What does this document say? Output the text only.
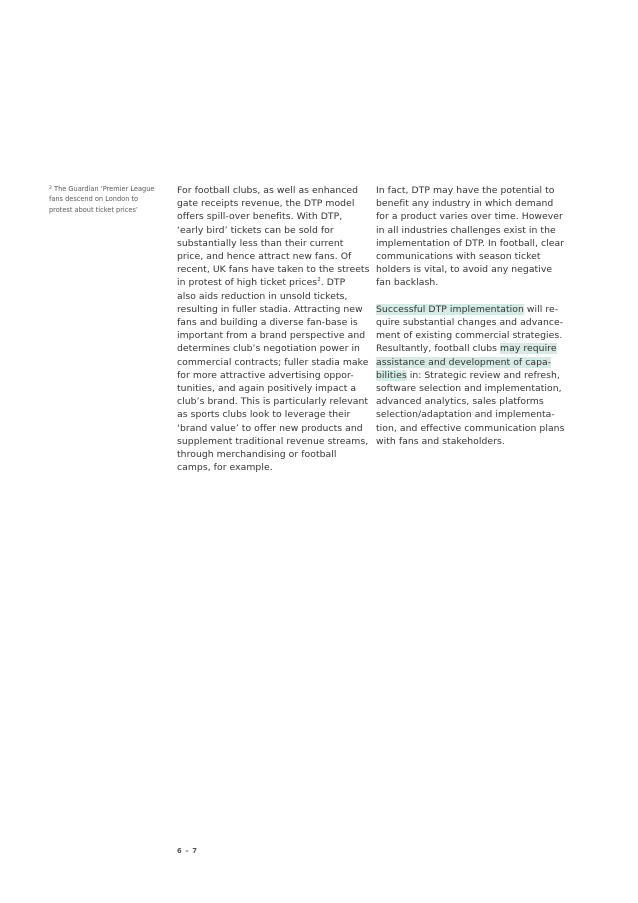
$^2$ The Guardian ‘Premier League
fans descend on London to
protest about ticket prices’
For football clubs, as well as enhanced
gate receipts revenue, the DTP model
offers spill-over benefits. With DTP,
‘early bird’ tickets can be sold for
substantially less than their current
price, and hence attract new fans. Of
recent, UK fans have taken to the streets
in protest of high ticket prices$^2$. DTP
also aids reduction in unsold tickets,
resulting in fuller stadia. Attracting new
fans and building a diverse fan-base is
important from a brand perspective and
determines club’s negotiation power in
commercial contracts; fuller stadia make
for more attractive advertising oppor-
tunities, and again positively impact a
club’s brand. This is particularly relevant
as sports clubs look to leverage their
‘brand value’ to offer new products and
supplement traditional revenue streams,
through merchandising or football
camps, for example.
In fact, DTP may have the potential to
benefit any industry in which demand
for a product varies over time. However
in all industries challenges exist in the
implementation of DTP. In football, clear
communications with season ticket
holders is vital, to avoid any negative
fan backlash.
Successful DTP implementation will re-
quire substantial changes and advance-
ment of existing commercial strategies.
Resultantly, football clubs may require
assistance and development of capa-
bilities in: Strategic review and refresh,
software selection and implementation,
advanced analytics, sales platforms
selection/adaptation and implementa-
tion, and effective communication plans
with fans and stakeholders.
6 – 7
